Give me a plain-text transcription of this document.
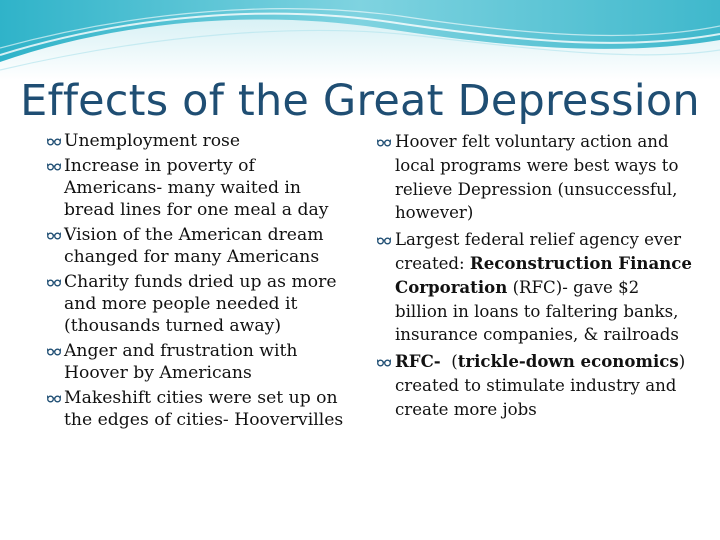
Effects of the Great Depression
Unemployment rose
Increase in poverty of Americans- many waited in bread lines for one meal a day
Vision of the American dream changed for many Americans
Charity funds dried up as more and more people needed it (thousands turned away)
Anger and frustration with Hoover by Americans
Makeshift cities were set up on the edges of cities- Hoovervilles
Hoover felt voluntary action and local programs were best ways to relieve Depression (unsuccessful, however)
Largest federal relief agency ever created: Reconstruction Finance Corporation (RFC)- gave $2 billion in loans to faltering banks, insurance companies, & railroads
RFC-  (trickle-down economics) created to stimulate industry and create more jobs
